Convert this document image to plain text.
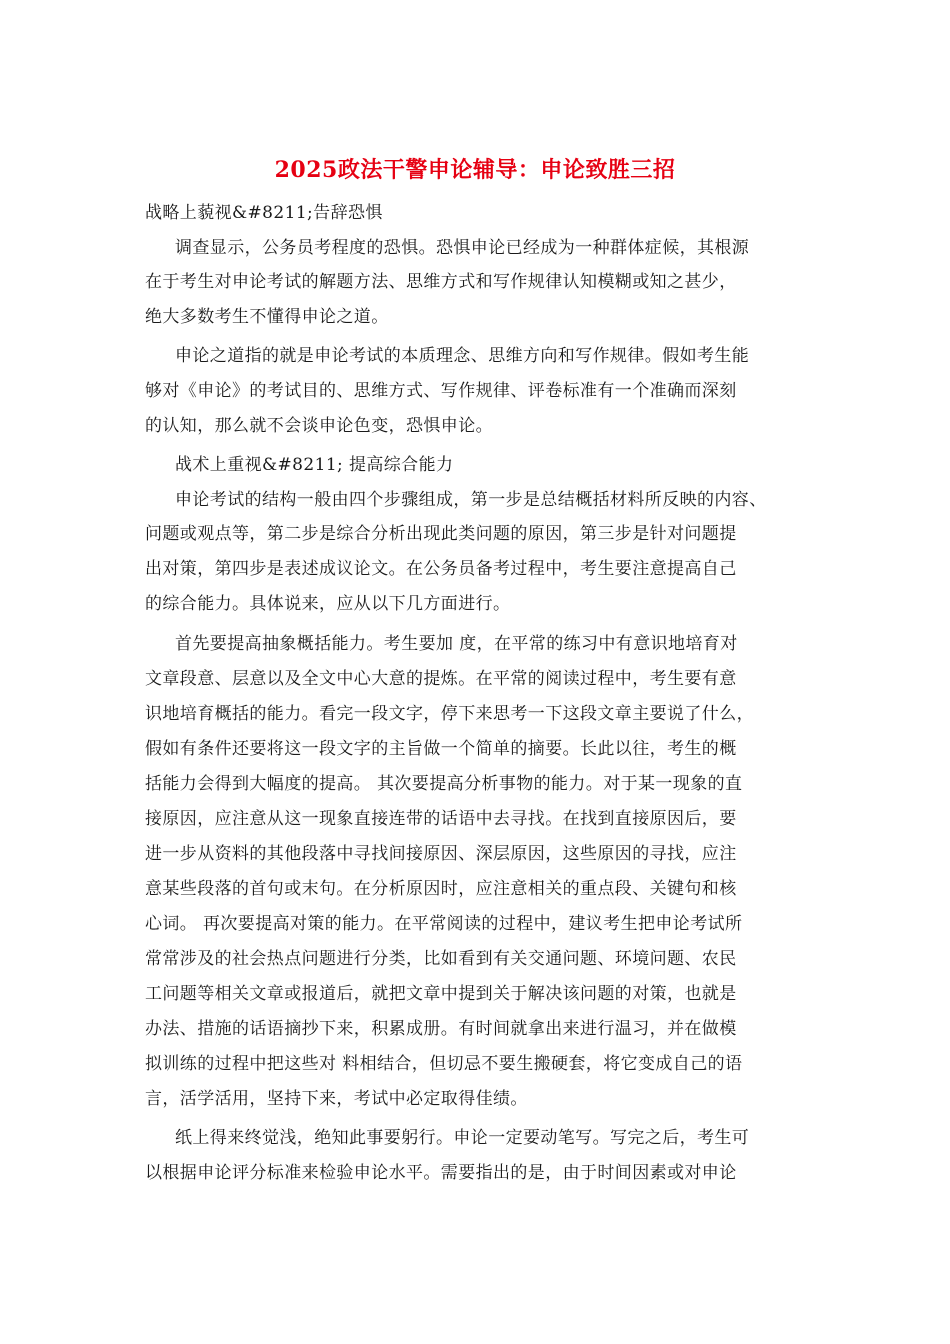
2025政法干警申论辅导：申论致胜三招
战略上藐视&#8211;告辞恐惧
调查显示，公务员考程度的恐惧。恐惧申论已经成为一种群体症候，其根源
在于考生对申论考试的解题方法、思维方式和写作规律认知模糊或知之甚少，
绝大多数考生不懂得申论之道。
申论之道指的就是申论考试的本质理念、思维方向和写作规律。假如考生能
够对《申论》的考试目的、思维方式、写作规律、评卷标准有一个准确而深刻
的认知，那么就不会谈申论色变，恐惧申论。
战术上重视&#8211; 提高综合能力
申论考试的结构一般由四个步骤组成，第一步是总结概括材料所反映的内容、
问题或观点等，第二步是综合分析出现此类问题的原因，第三步是针对问题提
出对策，第四步是表述成议论文。在公务员备考过程中，考生要注意提高自己
的综合能力。具体说来，应从以下几方面进行。
首先要提高抽象概括能力。考生要加 度，在平常的练习中有意识地培育对
文章段意、层意以及全文中心大意的提炼。在平常的阅读过程中，考生要有意
识地培育概括的能力。看完一段文字，停下来思考一下这段文章主要说了什么，
假如有条件还要将这一段文字的主旨做一个简单的摘要。长此以往，考生的概
括能力会得到大幅度的提高。 其次要提高分析事物的能力。对于某一现象的直
接原因，应注意从这一现象直接连带的话语中去寻找。在找到直接原因后，要
进一步从资料的其他段落中寻找间接原因、深层原因，这些原因的寻找，应注
意某些段落的首句或末句。在分析原因时，应注意相关的重点段、关键句和核
心词。 再次要提高对策的能力。在平常阅读的过程中，建议考生把申论考试所
常常涉及的社会热点问题进行分类，比如看到有关交通问题、环境问题、农民
工问题等相关文章或报道后，就把文章中提到关于解决该问题的对策，也就是
办法、措施的话语摘抄下来，积累成册。有时间就拿出来进行温习，并在做模
拟训练的过程中把这些对 料相结合，但切忌不要生搬硬套，将它变成自己的语
言，活学活用，坚持下来，考试中必定取得佳绩。
纸上得来终觉浅，绝知此事要躬行。申论一定要动笔写。写完之后，考生可
以根据申论评分标准来检验申论水平。需要指出的是，由于时间因素或对申论
